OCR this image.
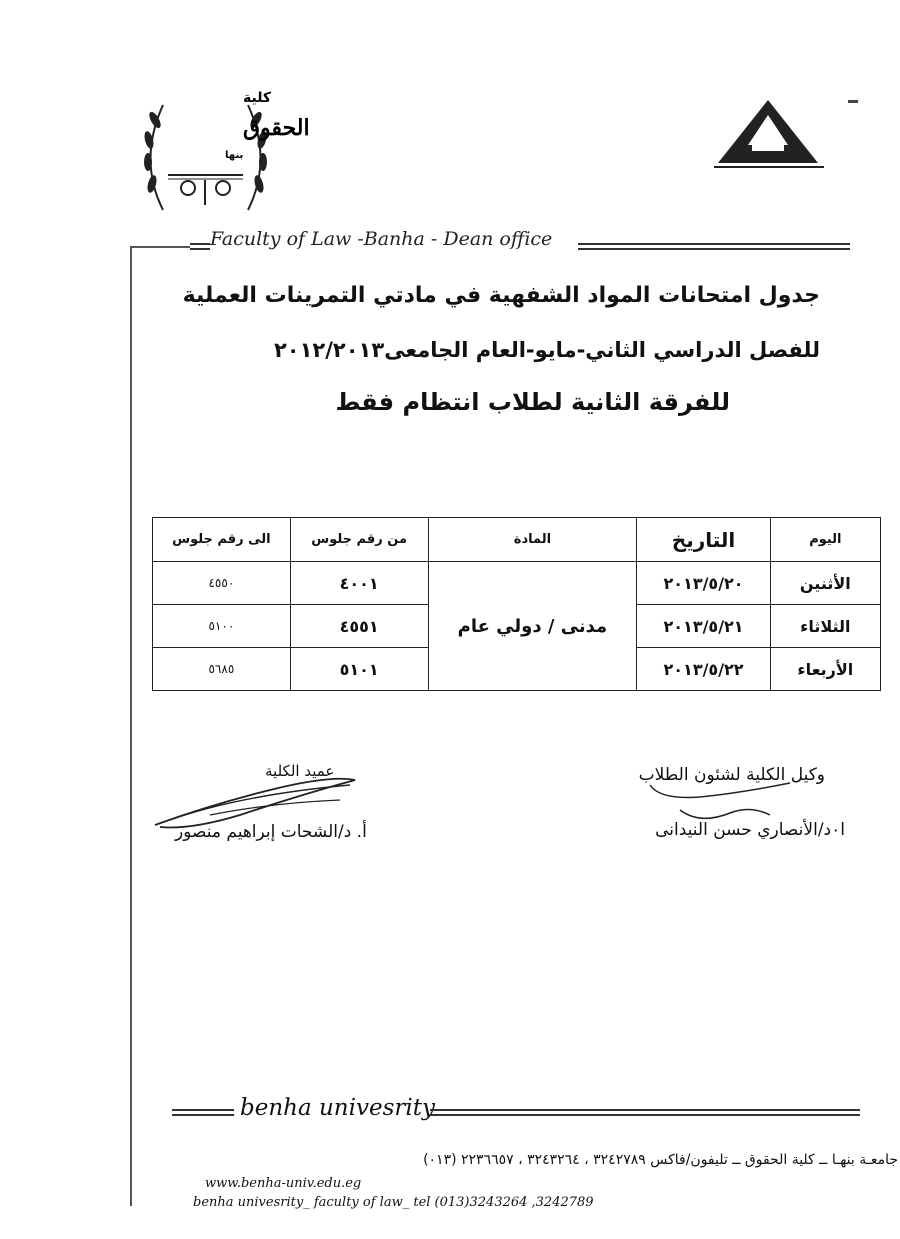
كلية
الحقوق
بنها
Faculty of Law -Banha - Dean office
جدول امتحانات المواد الشفهية في مادتي التمرينات العملية
للفصل الدراسي الثاني-مايو-العام الجامعى٢٠١٢/٢٠١٣
للفرقة الثانية لطلاب انتظام فقط
اليوم	التاريخ	المادة	من رقم جلوس	الى رقم جلوس
الأثنين	٢٠١٣/٥/٢٠	مدنى / دولي عام	٤٠٠١	٤٥٥٠
الثلاثاء	٢٠١٣/٥/٢١		٤٥٥١	٥١٠٠
الأربعاء	٢٠١٣/٥/٢٢		٥١٠١	٥٦٨٥
وكيل الكلية لشئون الطلاب
ا٠د/الأنصاري حسن النيدانى
عميد الكلية
أ. د/الشحات إبراهيم منصور
benha univesrity
جامعـة بنهـا ــ كلية الحقوق ــ تليفون/فاكس ٣٢٤٢٧٨٩ ، ٣٢٤٣٢٦٤ ، ٢٢٣٦٦٥٧ (٠١٣)
www.benha-univ.edu.eg
benha univesrity_ faculty of law_ tel (013)3243264 ,3242789
